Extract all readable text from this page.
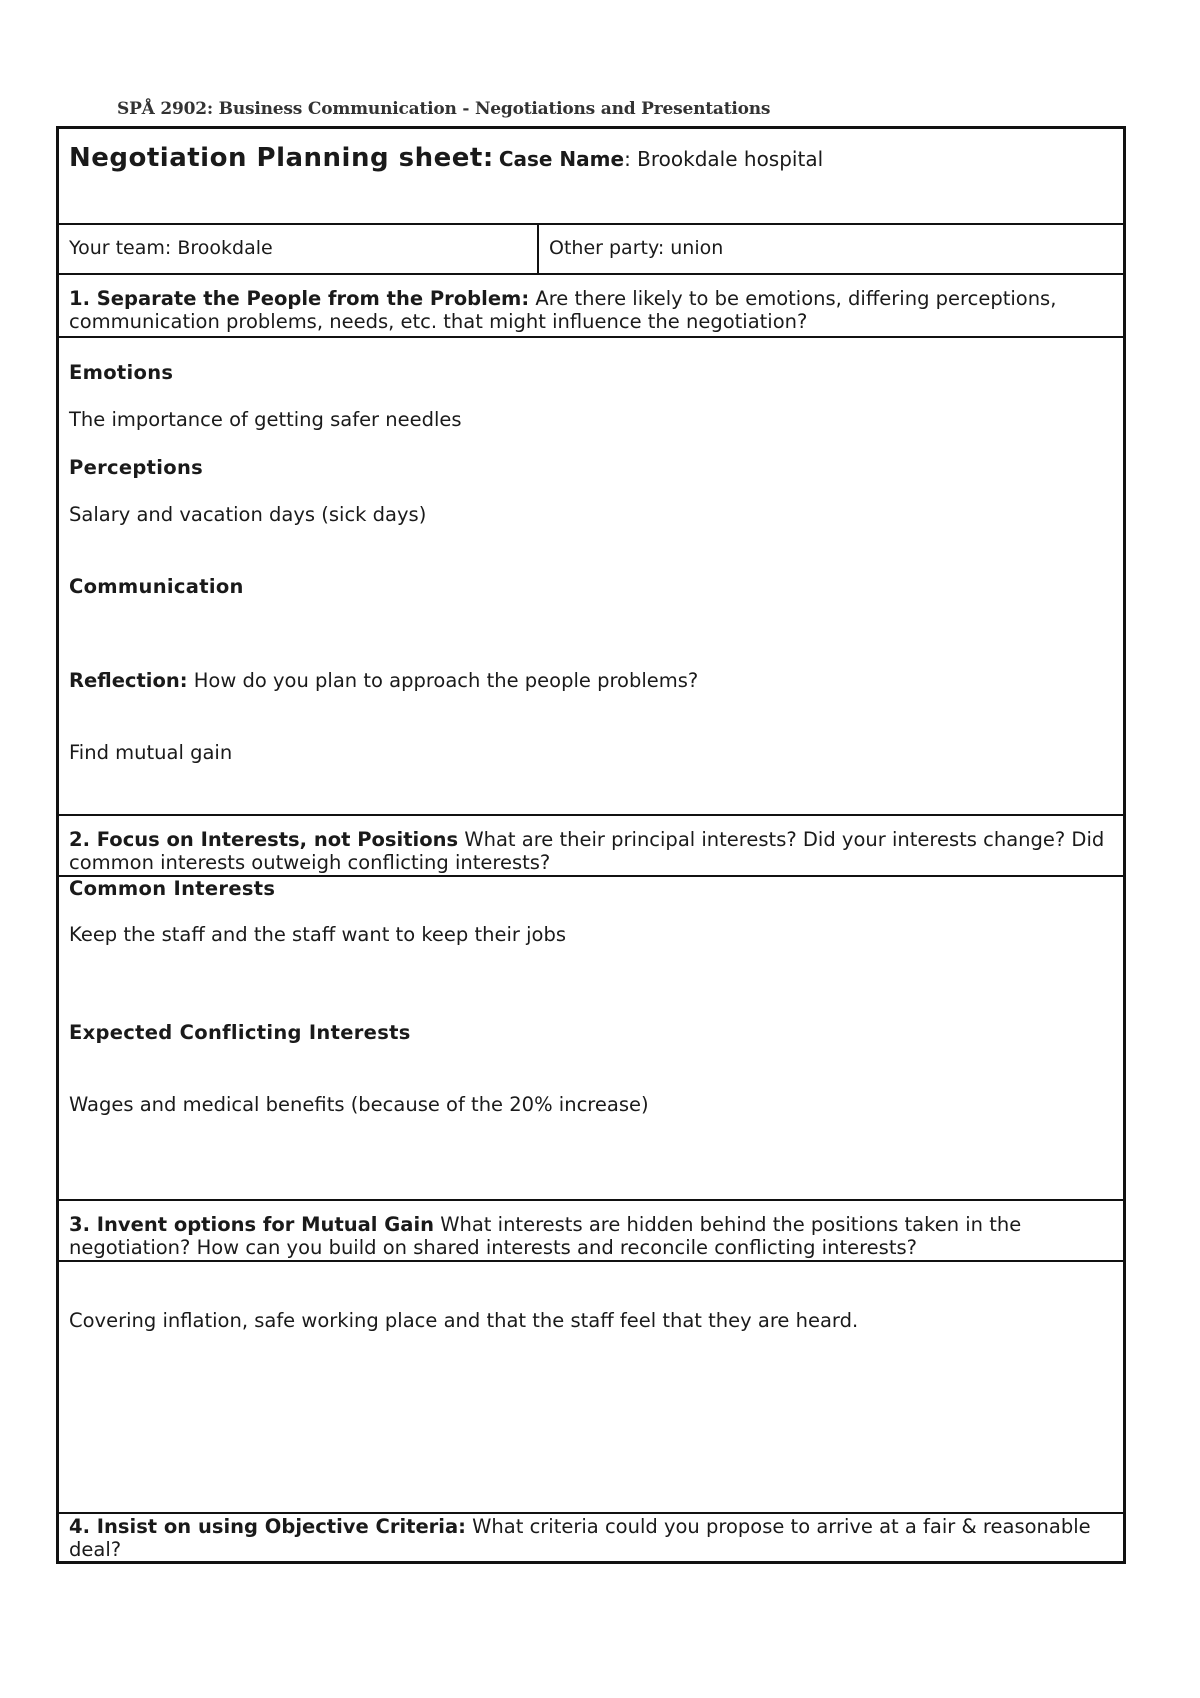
SPÅ 2902: Business Communication - Negotiations and Presentations
Negotiation Planning sheet: Case Name: Brookdale hospital
Your team: Brookdale	Other party: union
1. Separate the People from the Problem: Are there likely to be emotions, differing perceptions, communication problems, needs, etc. that might influence the negotiation?
Emotions
The importance of getting safer needles
Perceptions
Salary and vacation days (sick days)
Communication
Reflection: How do you plan to approach the people problems?
Find mutual gain
2. Focus on Interests, not Positions What are their principal interests? Did your interests change? Did common interests outweigh conflicting interests?
Common Interests
Keep the staff and the staff want to keep their jobs
Expected Conflicting Interests
Wages and medical benefits (because of the 20% increase)
3. Invent options for Mutual Gain What interests are hidden behind the positions taken in the negotiation? How can you build on shared interests and reconcile conflicting interests?
Covering inflation, safe working place and that the staff feel that they are heard.
4. Insist on using Objective Criteria: What criteria could you propose to arrive at a fair & reasonable deal?
